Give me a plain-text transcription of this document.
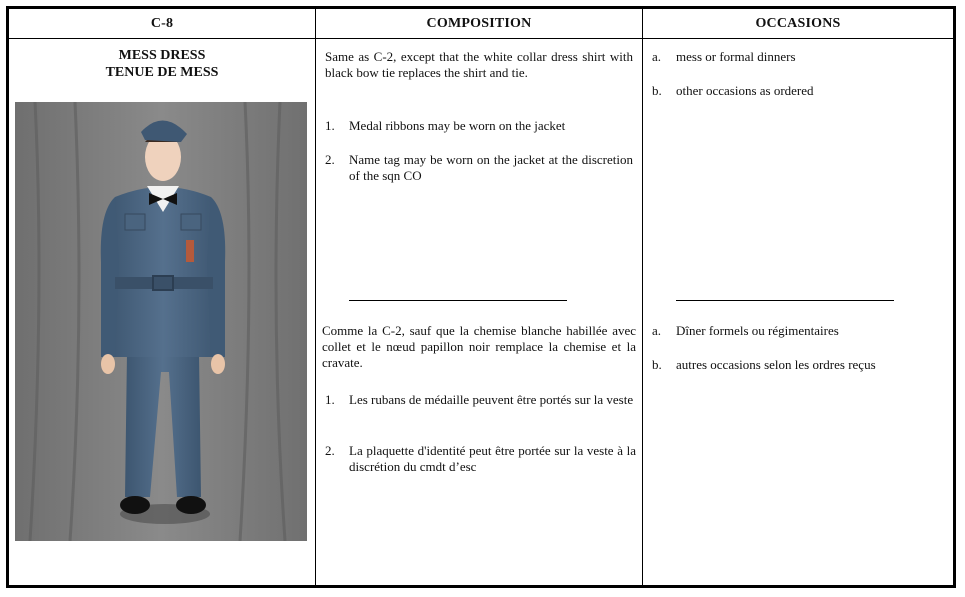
C-8	COMPOSITION	OCCASIONS
MESS DRESS
TENUE DE MESS
Same as C-2, except that the white collar dress shirt with black bow tie replaces the shirt and tie.
1. Medal ribbons may be worn on the jacket
2. Name tag may be worn on the jacket at the discretion of the sqn CO
Comme la C-2, sauf que la chemise blanche habillée avec collet et le nœud papillon noir remplace la chemise et la cravate.
1. Les rubans de médaille peuvent être portés sur la veste
2. La plaquette d'identité peut être portée sur la veste à la discrétion du cmdt d’esc
a. mess or formal dinners
b. other occasions as ordered
a. Dîner formels ou régimentaires
b. autres occasions selon les ordres reçus
